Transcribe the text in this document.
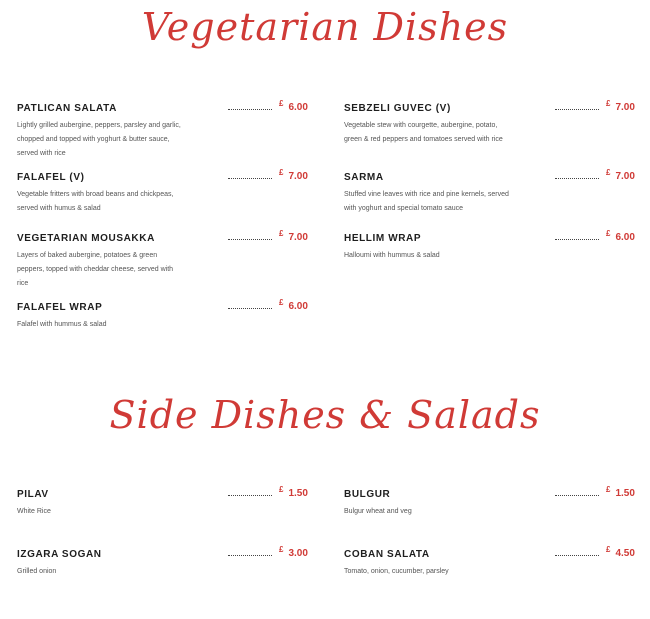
Vegetarian Dishes
PATLICAN SALATA
Lightly grilled aubergine, peppers, parsley and garlic, chopped and topped with yoghurt & butter sauce, served with rice
£ 6.00	SEBZELI GUVEC (V)
Vegetable stew with courgette, aubergine, potato, green & red peppers and tomatoes served with rice
£ 7.00
FALAFEL (V)
Vegetable fritters with broad beans and chickpeas, served with humus & salad
£ 7.00	SARMA
Stuffed vine leaves with rice and pine kernels, served with yoghurt and special tomato sauce
£ 7.00
VEGETARIAN MOUSAKKA
Layers of baked aubergine, potatoes & green peppers, topped with cheddar cheese, served with rice
£ 7.00	HELLIM WRAP
Halloumi with hummus & salad
£ 6.00
FALAFEL WRAP
Falafel with hummus & salad
£ 6.00
Side Dishes & Salads
PILAV
White Rice
£ 1.50	BULGUR
Bulgur wheat and veg
£ 1.50
IZGARA SOGAN
Grilled onion
£ 3.00	COBAN SALATA
Tomato, onion, cucumber, parsley
£ 4.50
